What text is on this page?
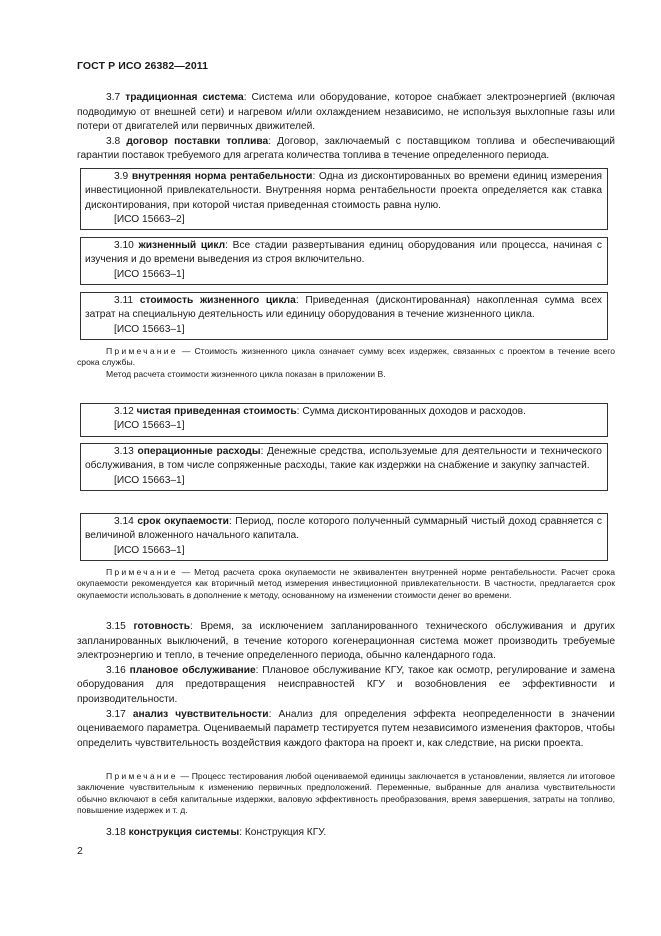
ГОСТ Р ИСО 26382—2011

3.7 традиционная система: Система или оборудование, которое снабжает электроэнергией (включая подводимую от внешней сети) и нагревом и/или охлаждением независимо, не используя выхлопные газы или потери от двигателей или первичных движителей.

3.8 договор поставки топлива: Договор, заключаемый с поставщиком топлива и обеспечивающий гарантии поставок требуемого для агрегата количества топлива в течение определенного периода.

3.9 внутренняя норма рентабельности: Одна из дисконтированных во времени единиц измерения инвестиционной привлекательности. Внутренняя норма рентабельности проекта определяется как ставка дисконтирования, при которой чистая приведенная стоимость равна нулю.

[ИСО 15663–2]

3.10 жизненный цикл: Все стадии развертывания единиц оборудования или процесса, начиная с изучения и до времени выведения из строя включительно.

[ИСО 15663–1]

3.11 стоимость жизненного цикла: Приведенная (дисконтированная) накопленная сумма всех затрат на специальную деятельность или единицу оборудования в течение жизненного цикла.

[ИСО 15663–1]

Примечание — Стоимость жизненного цикла означает сумму всех издержек, связанных с проектом в течение всего срока службы.

Метод расчета стоимости жизненного цикла показан в приложении В.

3.12 чистая приведенная стоимость: Сумма дисконтированных доходов и расходов.

[ИСО 15663–1]

3.13 операционные расходы: Денежные средства, используемые для деятельности и технического обслуживания, в том числе сопряженные расходы, такие как издержки на снабжение и закупку запчастей.

[ИСО 15663–1]

3.14 срок окупаемости: Период, после которого полученный суммарный чистый доход сравняется с величиной вложенного начального капитала.

[ИСО 15663–1]

Примечание — Метод расчета срока окупаемости не эквивалентен внутренней норме рентабельности. Расчет срока окупаемости рекомендуется как вторичный метод измерения инвестиционной привлекательности. В частности, предлагается срок окупаемости использовать в дополнение к методу, основанному на изменении стоимости денег во времени.

3.15 готовность: Время, за исключением запланированного технического обслуживания и других запланированных выключений, в течение которого когенерационная система может производить требуемые электроэнергию и тепло, в течение определенного периода, обычно календарного года.

3.16 плановое обслуживание: Плановое обслуживание КГУ, такое как осмотр, регулирование и замена оборудования для предотвращения неисправностей КГУ и возобновления ее эффективности и производительности.

3.17 анализ чувствительности: Анализ для определения эффекта неопределенности в значении оцениваемого параметра. Оцениваемый параметр тестируется путем независимого изменения факторов, чтобы определить чувствительность воздействия каждого фактора на проект и, как следствие, на риски проекта.

Примечание — Процесс тестирования любой оцениваемой единицы заключается в установлении, является ли итоговое заключение чувствительным к изменению первичных предположений. Переменные, выбранные для анализа чувствительности обычно включают в себя капитальные издержки, валовую эффективность преобразования, время завершения, затраты на топливо, повышение издержек и т. д.

3.18 конструкция системы: Конструкция КГУ.

2
